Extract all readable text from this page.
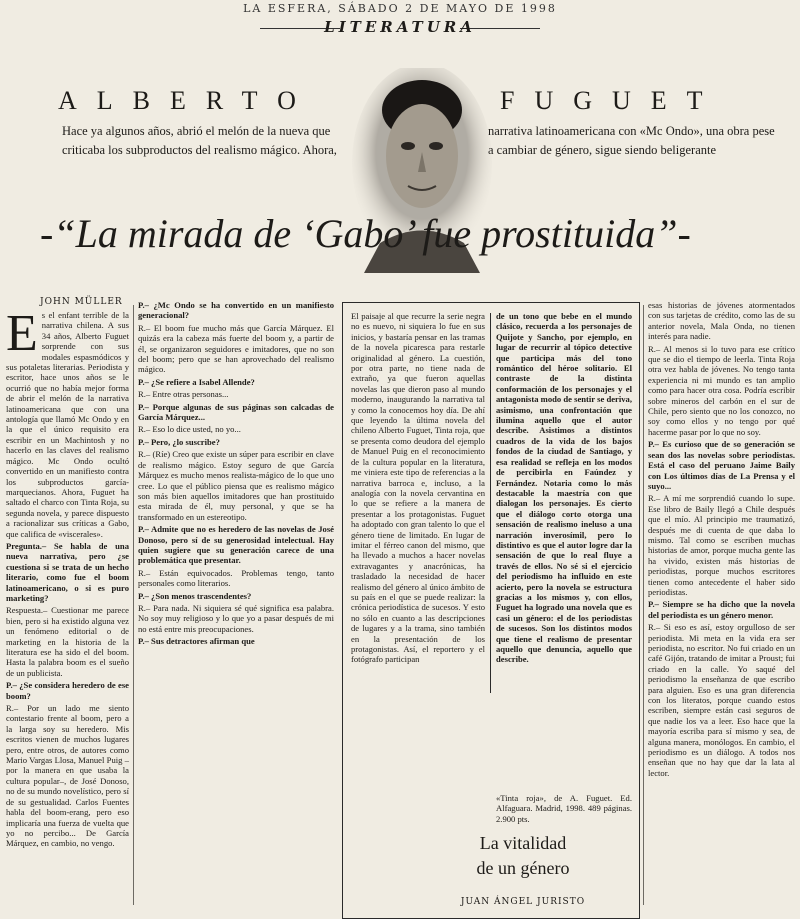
LA ESFERA, SÁBADO 2 DE MAYO DE 1998
LITERATURA
ALBERTO	FUGUET
Hace ya algunos años, abrió el melón de la nueva que criticaba los subproductos del realismo mágico. Ahora,
narrativa latinoamericana con «Mc Ondo», una obra pese a cambiar de género, sigue siendo beligerante
-“La mirada de ‘Gabo’ fue prostituida”-
JOHN MÜLLER
E s el enfant terrible de la narrativa chilena. A sus 34 años, Alberto Fuguet sorprende con sus modales espasmódicos y sus potaletas literarias. Periodista y escritor, hace unos años se le ocurrió que no había mejor forma de abrir el melón de la narrativa latinoamericana que con una antología que llamó Mc Ondo y en la que el único requisito era escribir en un Machintosh y no hacerlo en las claves del realismo mágico. Mc Ondo ocultó convertido en un manifiesto contra los subproductos garcía-marquecianos. Ahora, Fuguet ha saltado el charco con Tinta Roja, su segunda novela, y parece dispuesto a racionalizar sus críticas a Gabo, que califica de «viscerales».

Pregunta.– Se habla de una nueva narrativa, pero ¿se cuestiona si se trata de un hecho literario, como fue el boom latinoamericano, o si es puro marketing?

Respuesta.– Cuestionar me parece bien, pero si ha existido alguna vez un fenómeno editorial o de marketing en la historia de la literatura ese ha sido el del boom. Hasta la palabra boom es el sueño de un publicista.

P.– ¿Se considera heredero de ese boom?

R.– Por un lado me siento contestario frente al boom, pero a la larga soy su heredero. Mis escritos vienen de muchos lugares pero, entre otros, de autores como Mario Vargas Llosa, Manuel Puig –por la manera en que usaba la cultura popular–, de José Donoso, no de su mundo novelístico, pero sí de su gestualidad. Carlos Fuentes habla del boom-erang, pero eso implicaría una fuerza de vuelta que yo no percibo... De García Márquez, en cambio, no vengo.

P.– ¿Mc Ondo se ha convertido en un manifiesto generacional?

R.– El boom fue mucho más que García Márquez. El quizás era la cabeza más fuerte del boom y, a partir de él, se organizaron seguidores e imitadores, que no son del boom; pero que se han aprovechado del realismo mágico.

P.– ¿Se refiere a Isabel Allende?

R.– Entre otras personas...

P.– Porque algunas de sus páginas son calcadas de García Márquez...

R.– Eso lo dice usted, no yo...

P.– Pero, ¿lo suscribe?

R.– (Ríe) Creo que existe un súper para escribir en clave de realismo mágico. Estoy seguro de que García Márquez es mucho menos realista-mágico de lo que uno cree. Lo que el público piensa que es realismo mágico son más bien aquellos imitadores que han prostituido esta mirada de él, muy personal, y que se ha transformado en un estereotipo.

P.– Admite que no es heredero de las novelas de José Donoso, pero sí de su generosidad intelectual. Hay quien sugiere que su generación carece de una problemática que presentar.

R.– Están equivocados. Problemas tengo, tanto personales como literarios.

P.– ¿Son menos trascendentes?

R.– Para nada. Ni siquiera sé qué significa esa palabra. No soy muy religioso y lo que yo a pasar después de mi no está entre mis preocupaciones.

P.– Sus detractores afirman que

El paisaje al que recurre la serie negra no es nuevo, ni siquiera lo fue en sus inicios, y bastaría pensar en las tramas de la novela picaresca para restarle originalidad al género. La cuestión, por otra parte, no tiene nada de extraño, ya que fueron aquellas novelas las que dieron paso al mundo moderno, inaugurando la narrativa tal y como la conocemos hoy día. De ahí que leyendo la última novela del chileno Alberto Fuguet, Tinta roja, que se presenta como deudora del ejemplo de Manuel Puig en el reconocimiento de la cultura popular en la literatura, me viniera este tipo de referencias a la narrativa barroca e, incluso, a la analogía con la novela cervantina en lo que se refiere a la manera de presentar a los protagonistas. Fuguet ha adoptado con gran talento lo que el género tiene de limitado. En lugar de imitar el férreo canon del mismo, que ha llevado a muchos a hacer novelas extravagantes y anacrónicas, ha trasladado la necesidad de hacer realismo del género al único ámbito de su país en el que se puede realizar: la crónica periodística de sucesos. Y esto no sólo en cuanto a las descripciones de lugares y a la trama, sino también en la presentación de los protagonistas. Así, el reportero y el fotógrafo participan

de un tono que bebe en el mundo clásico, recuerda a los personajes de Quijote y Sancho, por ejemplo, en lugar de recurrir al tópico detective que participa más del tono romántico del héroe solitario. El contraste de la distinta conformación de los personajes y el antagonista modo de sentir se deriva, asimismo, una confrontación que ilumina aquello que el autor describe. Asistimos a distintos cuadros de la vida de los bajos fondos de la ciudad de Santiago, y esa realidad se refleja en los modos de percibirla en Faúndez y Fernández. Notaria como lo más destacable la maestría con que dialogan los personajes. Es cierto que el diálogo corto otorga una sensación de realismo ineluso a una narración inverosímil, pero lo distintivo es que el autor logre dar la sensación de que lo real fluye a través de ellos. No sé si el ejercicio del periodismo ha influido en este acierto, pero la novela se estructura gracias a los mismos y, con ellos, Fuguet ha logrado una novela que es casi un género: el de los periodistas de sucesos. Son los distintos modos que tiene el realismo de presentar aquello que denuncia, aquello que describe.

«Tinta roja», de A. Fuguet. Ed. Alfaguara. Madrid, 1998. 489 páginas. 2.900 pts.
La vitalidad
de un género
JUAN ÁNGEL JURISTO

esas historias de jóvenes atormentados con sus tarjetas de crédito, como las de su anterior novela, Mala Onda, no tienen interés para nadie.

R.– Al menos si lo tuvo para ese crítico que se dio el tiempo de leerla. Tinta Roja otra vez habla de jóvenes. No tengo tanta experiencia ni mi mundo es tan amplio como para hacer otra cosa. Podría escribir sobre mineros del carbón en el sur de Chile, pero siento que no los conozco, no soy como ellos y no tengo por qué hacerme pasar por lo que no soy.

P.– Es curioso que de so generación se sean dos las novelas sobre periodistas. Está el caso del peruano Jaime Baily con Los últimos días de La Prensa y el suyo...

R.– A mí me sorprendió cuando lo supe. Ese libro de Baily llegó a Chile después que el mío. Al principio me traumatizó, después me di cuenta de que daba lo mismo. Tal como se escriben muchas historias de amor, porque mucha gente las ha vivido, existen más historias de periodistas, porque muchos escritores tienen como antecedente el haber sido periodistas.

P.– Siempre se ha dicho que la novela del periodista es un género menor.

R.– Si eso es así, estoy orgulloso de ser periodista. Mi meta en la vida era ser periodista, no escritor. No fui criado en un café Gijón, tratando de imitar a Proust; fui criado en la calle. Yo saqué del periodismo la enseñanza de que escribo para alguien. Eso es una gran diferencia con los literatos, porque cuando estos escriben, siempre están casi seguros de que nadie los va a leer. Eso hace que la mayoría escriba para sí mismo y sea, de alguna manera, monólogos. En cambio, el periodismo es un diálogo. A todos nos enseñan que no hay que dar la lata al lector.
